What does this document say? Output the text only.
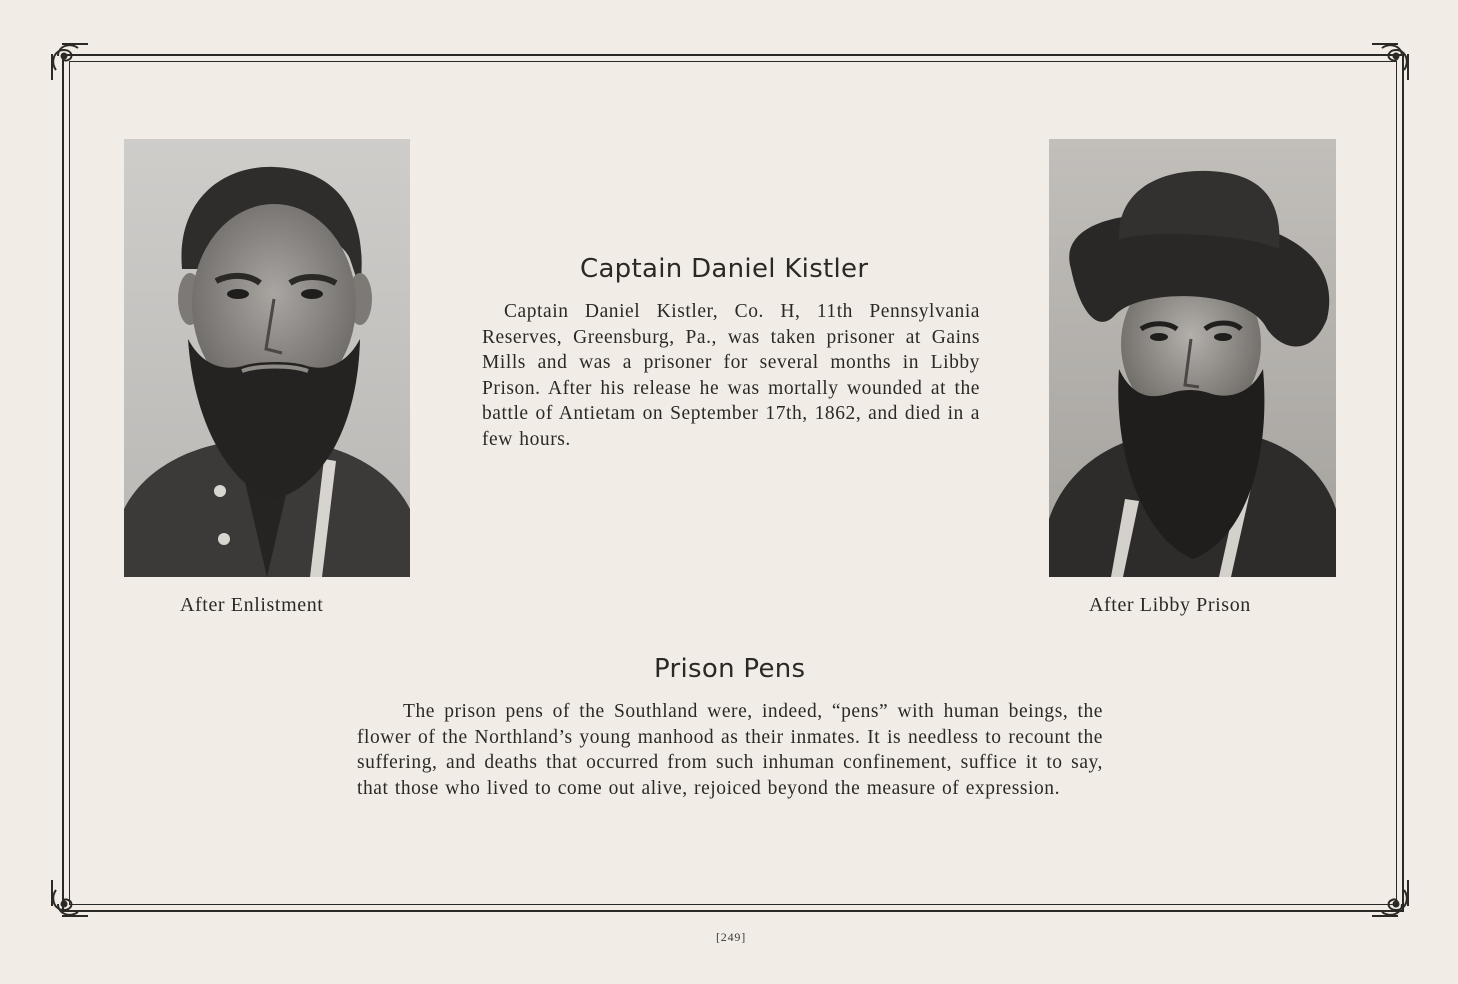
After Enlistment	After Libby Prison
Captain Daniel Kistler
Captain Daniel Kistler, Co. H, 11th Pennsylvania Reserves, Greensburg, Pa., was taken prisoner at Gains Mills and was a prisoner for several months in Libby Prison. After his release he was mortally wounded at the battle of Antietam on September 17th, 1862, and died in a few hours.
Prison Pens
The prison pens of the Southland were, indeed, “pens” with human beings, the flower of the Northland’s young manhood as their inmates. It is needless to recount the suffering, and deaths that occurred from such inhuman confinement, suffice it to say, that those who lived to come out alive, rejoiced beyond the measure of expression.
[249]
